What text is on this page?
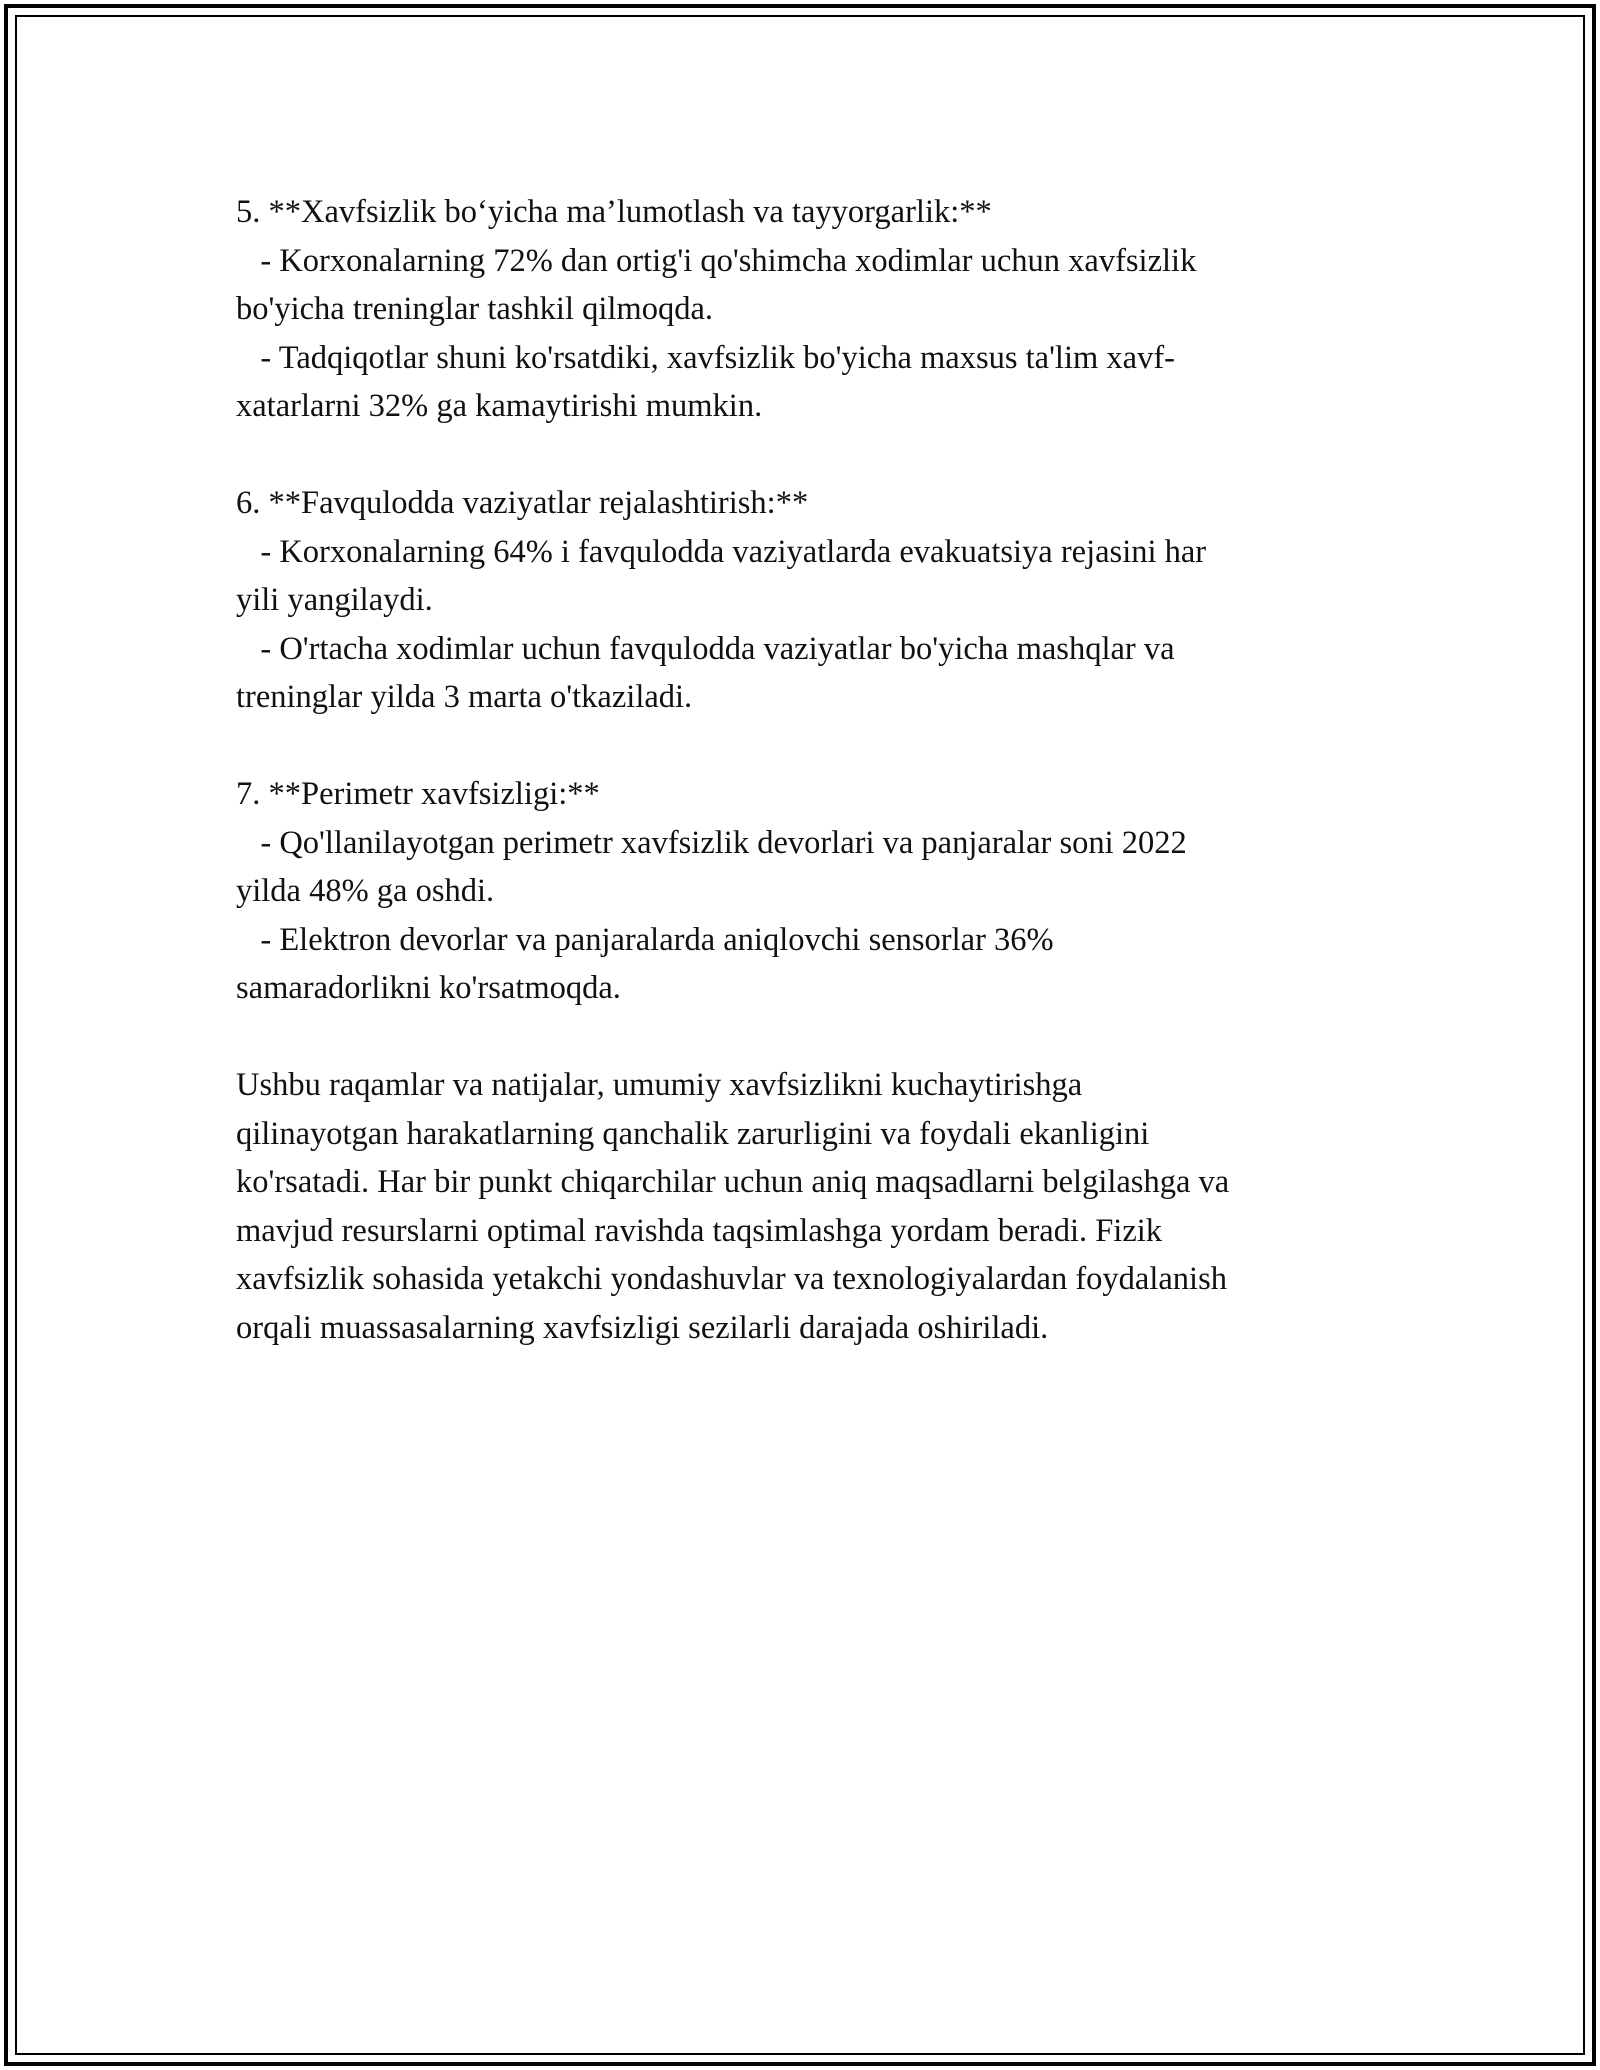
5. **Xavfsizlik bo‘yicha ma’lumotlash va tayyorgarlik:**
- Korxonalarning 72% dan ortig'i qo'shimcha xodimlar uchun xavfsizlik
bo'yicha treninglar tashkil qilmoqda.
- Tadqiqotlar shuni ko'rsatdiki, xavfsizlik bo'yicha maxsus ta'lim xavf-
xatarlarni 32% ga kamaytirishi mumkin.
6. **Favqulodda vaziyatlar rejalashtirish:**
- Korxonalarning 64% i favqulodda vaziyatlarda evakuatsiya rejasini har
yili yangilaydi.
- O'rtacha xodimlar uchun favqulodda vaziyatlar bo'yicha mashqlar va
treninglar yilda 3 marta o'tkaziladi.
7. **Perimetr xavfsizligi:**
- Qo'llanilayotgan perimetr xavfsizlik devorlari va panjaralar soni 2022
yilda 48% ga oshdi.
- Elektron devorlar va panjaralarda aniqlovchi sensorlar 36%
samaradorlikni ko'rsatmoqda.
Ushbu raqamlar va natijalar, umumiy xavfsizlikni kuchaytirishga
qilinayotgan harakatlarning qanchalik zarurligini va foydali ekanligini
ko'rsatadi. Har bir punkt chiqarchilar uchun aniq maqsadlarni belgilashga va
mavjud resurslarni optimal ravishda taqsimlashga yordam beradi. Fizik
xavfsizlik sohasida yetakchi yondashuvlar va texnologiyalardan foydalanish
orqali muassasalarning xavfsizligi sezilarli darajada oshiriladi.
